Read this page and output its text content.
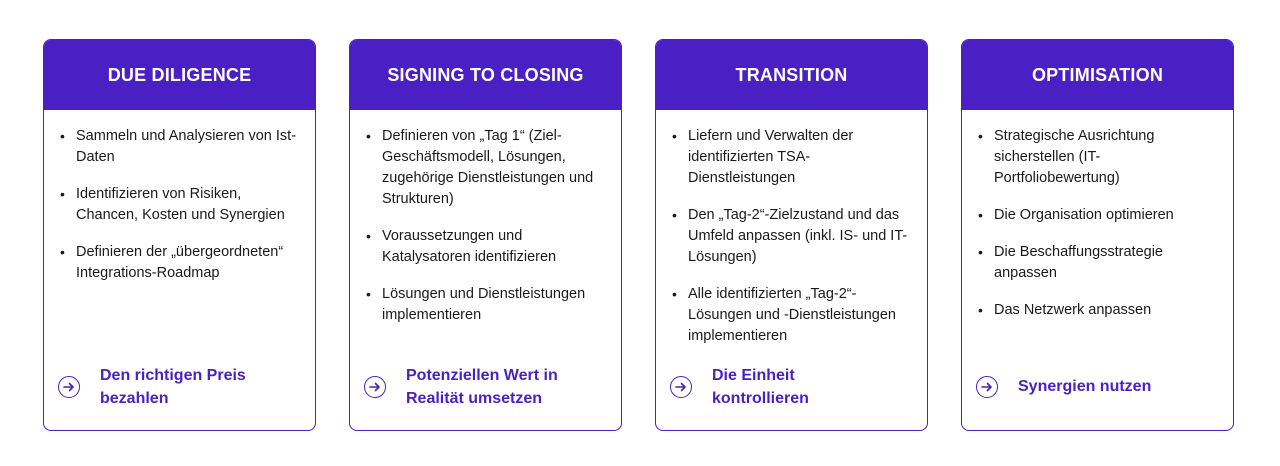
DUE DILIGENCE
• Sammeln und Analysieren von Ist-Daten
• Identifizieren von Risiken, Chancen, Kosten und Synergien
• Definieren der „übergeordneten“ Integrations-Roadmap
Den richtigen Preis bezahlen
SIGNING TO CLOSING
• Definieren von „Tag 1“ (Ziel-Geschäftsmodell, Lösungen, zugehörige Dienstleistungen und Strukturen)
• Voraussetzungen und Katalysatoren identifizieren
• Lösungen und Dienstleistungen implementieren
Potenziellen Wert in Realität umsetzen
TRANSITION
• Liefern und Verwalten der identifizierten TSA-Dienstleistungen
• Den „Tag-2“-Zielzustand und das Umfeld anpassen (inkl. IS- und IT-Lösungen)
• Alle identifizierten „Tag-2“-Lösungen und -Dienstleistungen implementieren
Die Einheit kontrollieren
OPTIMISATION
• Strategische Ausrichtung sicherstellen (IT-Portfoliobewertung)
• Die Organisation optimieren
• Die Beschaffungsstrategie anpassen
• Das Netzwerk anpassen
Synergien nutzen
